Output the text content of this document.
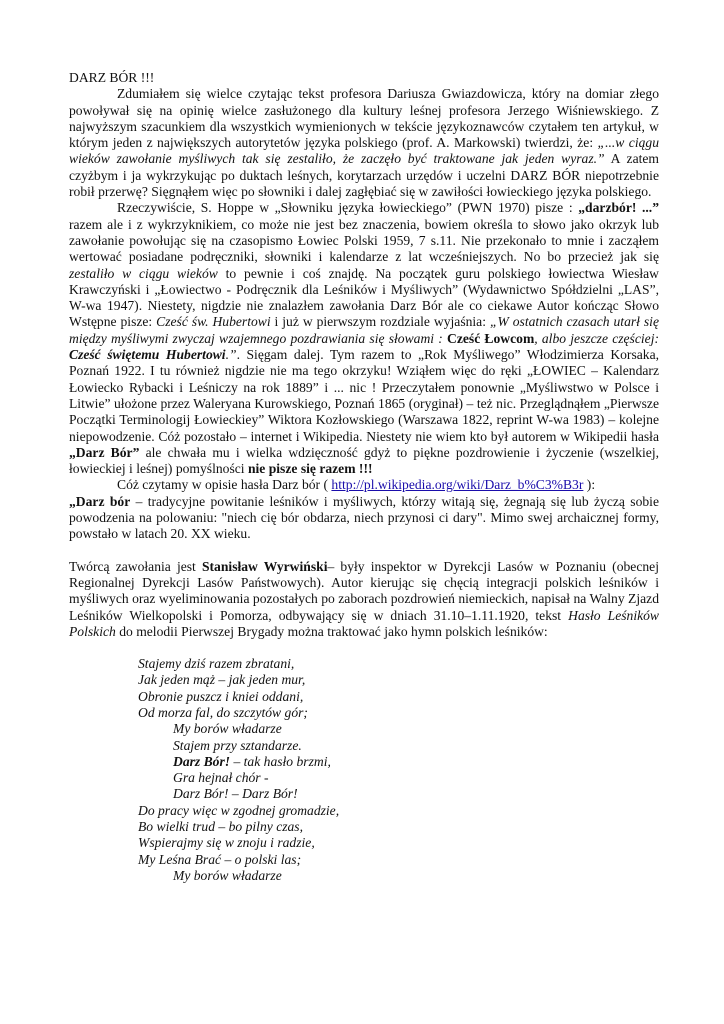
DARZ BÓR !!!

Zdumiałem się wielce czytając tekst profesora Dariusza Gwiazdowicza, który na domiar złego powoływał się na opinię wielce zasłużonego dla kultury leśnej profesora Jerzego Wiśniewskiego. Z najwyższym szacunkiem dla wszystkich wymienionych w tekście językoznawców czytałem ten artykuł, w którym jeden z największych autorytetów języka polskiego (prof. A. Markowski) twierdzi, że: „...w ciągu wieków zawołanie myśliwych tak się zestaliło, że zaczęło być traktowane jak jeden wyraz.” A zatem czyżbym i ja wykrzykując po duktach leśnych, korytarzach urzędów i uczelni DARZ BÓR niepotrzebnie robił przerwę? Sięgnąłem więc po słowniki i dalej zagłębiać się w zawiłości łowieckiego języka polskiego.

Rzeczywiście, S. Hoppe w „Słowniku języka łowieckiego” (PWN 1970) pisze : „darzbór! ...” razem ale i z wykrzyknikiem, co może nie jest bez znaczenia, bowiem określa to słowo jako okrzyk lub zawołanie powołując się na czasopismo Łowiec Polski 1959, 7 s.11. Nie przekonało to mnie i zacząłem wertować posiadane podręczniki, słowniki i kalendarze z lat wcześniejszych. No bo przecież jak się zestaliło w ciągu wieków to pewnie i coś znajdę. Na początek guru polskiego łowiectwa Wiesław Krawczyński i „Łowiectwo - Podręcznik dla Leśników i Myśliwych” (Wydawnictwo Spółdzielni „LAS”, W-wa 1947). Niestety, nigdzie nie znalazłem zawołania Darz Bór ale co ciekawe Autor kończąc Słowo Wstępne pisze: Cześć św. Hubertowi i już w pierwszym rozdziale wyjaśnia: „W ostatnich czasach utarł się między myśliwymi zwyczaj wzajemnego pozdrawiania się słowami : Cześć Łowcom, albo jeszcze częściej: Cześć świętemu Hubertowi.”. Sięgam dalej. Tym razem to „Rok Myśliwego” Włodzimierza Korsaka, Poznań 1922. I tu również nigdzie nie ma tego okrzyku! Wziąłem więc do ręki „ŁOWIEC – Kalendarz Łowiecko Rybacki i Leśniczy na rok 1889” i ... nic ! Przeczytałem ponownie „Myśliwstwo w Polsce i Litwie” ułożone przez Waleryana Kurowskiego, Poznań 1865 (oryginał) – też nic. Przeglądnąłem „Pierwsze Początki Terminologij Łowieckiey” Wiktora Kozłowskiego (Warszawa 1822, reprint W-wa 1983) – kolejne niepowodzenie. Cóż pozostało – internet i Wikipedia. Niestety nie wiem kto był autorem w Wikipedii hasła „Darz Bór” ale chwała mu i wielka wdzięczność gdyż to piękne pozdrowienie i życzenie (wszelkiej, łowieckiej i leśnej) pomyślności nie pisze się razem !!!

Cóż czytamy w opisie hasła Darz bór ( http://pl.wikipedia.org/wiki/Darz_b%C3%B3r ):

„Darz bór – tradycyjne powitanie leśników i myśliwych, którzy witają się, żegnają się lub życzą sobie powodzenia na polowaniu: "niech cię bór obdarza, niech przynosi ci dary". Mimo swej archaicznej formy, powstało w latach 20. XX wieku.

Twórcą zawołania jest Stanisław Wyrwiński– były inspektor w Dyrekcji Lasów w Poznaniu (obecnej Regionalnej Dyrekcji Lasów Państwowych). Autor kierując się chęcią integracji polskich leśników i myśliwych oraz wyeliminowania pozostałych po zaborach pozdrowień niemieckich, napisał na Walny Zjazd Leśników Wielkopolski i Pomorza, odbywający się w dniach 31.10–1.11.1920, tekst Hasło Leśników Polskich do melodii Pierwszej Brygady można traktować jako hymn polskich leśników:

Stajemy dziś razem zbratani,
Jak jeden mąż – jak jeden mur,
Obronie puszcz i kniei oddani,
Od morza fal, do szczytów gór;
My borów władarze
Stajem przy sztandarze.
Darz Bór! – tak hasło brzmi,
Gra hejnał chór -
Darz Bór! – Darz Bór!
Do pracy więc w zgodnej gromadzie,
Bo wielki trud – bo pilny czas,
Wspierajmy się w znoju i radzie,
My Leśna Brać – o polski las;
My borów władarze
